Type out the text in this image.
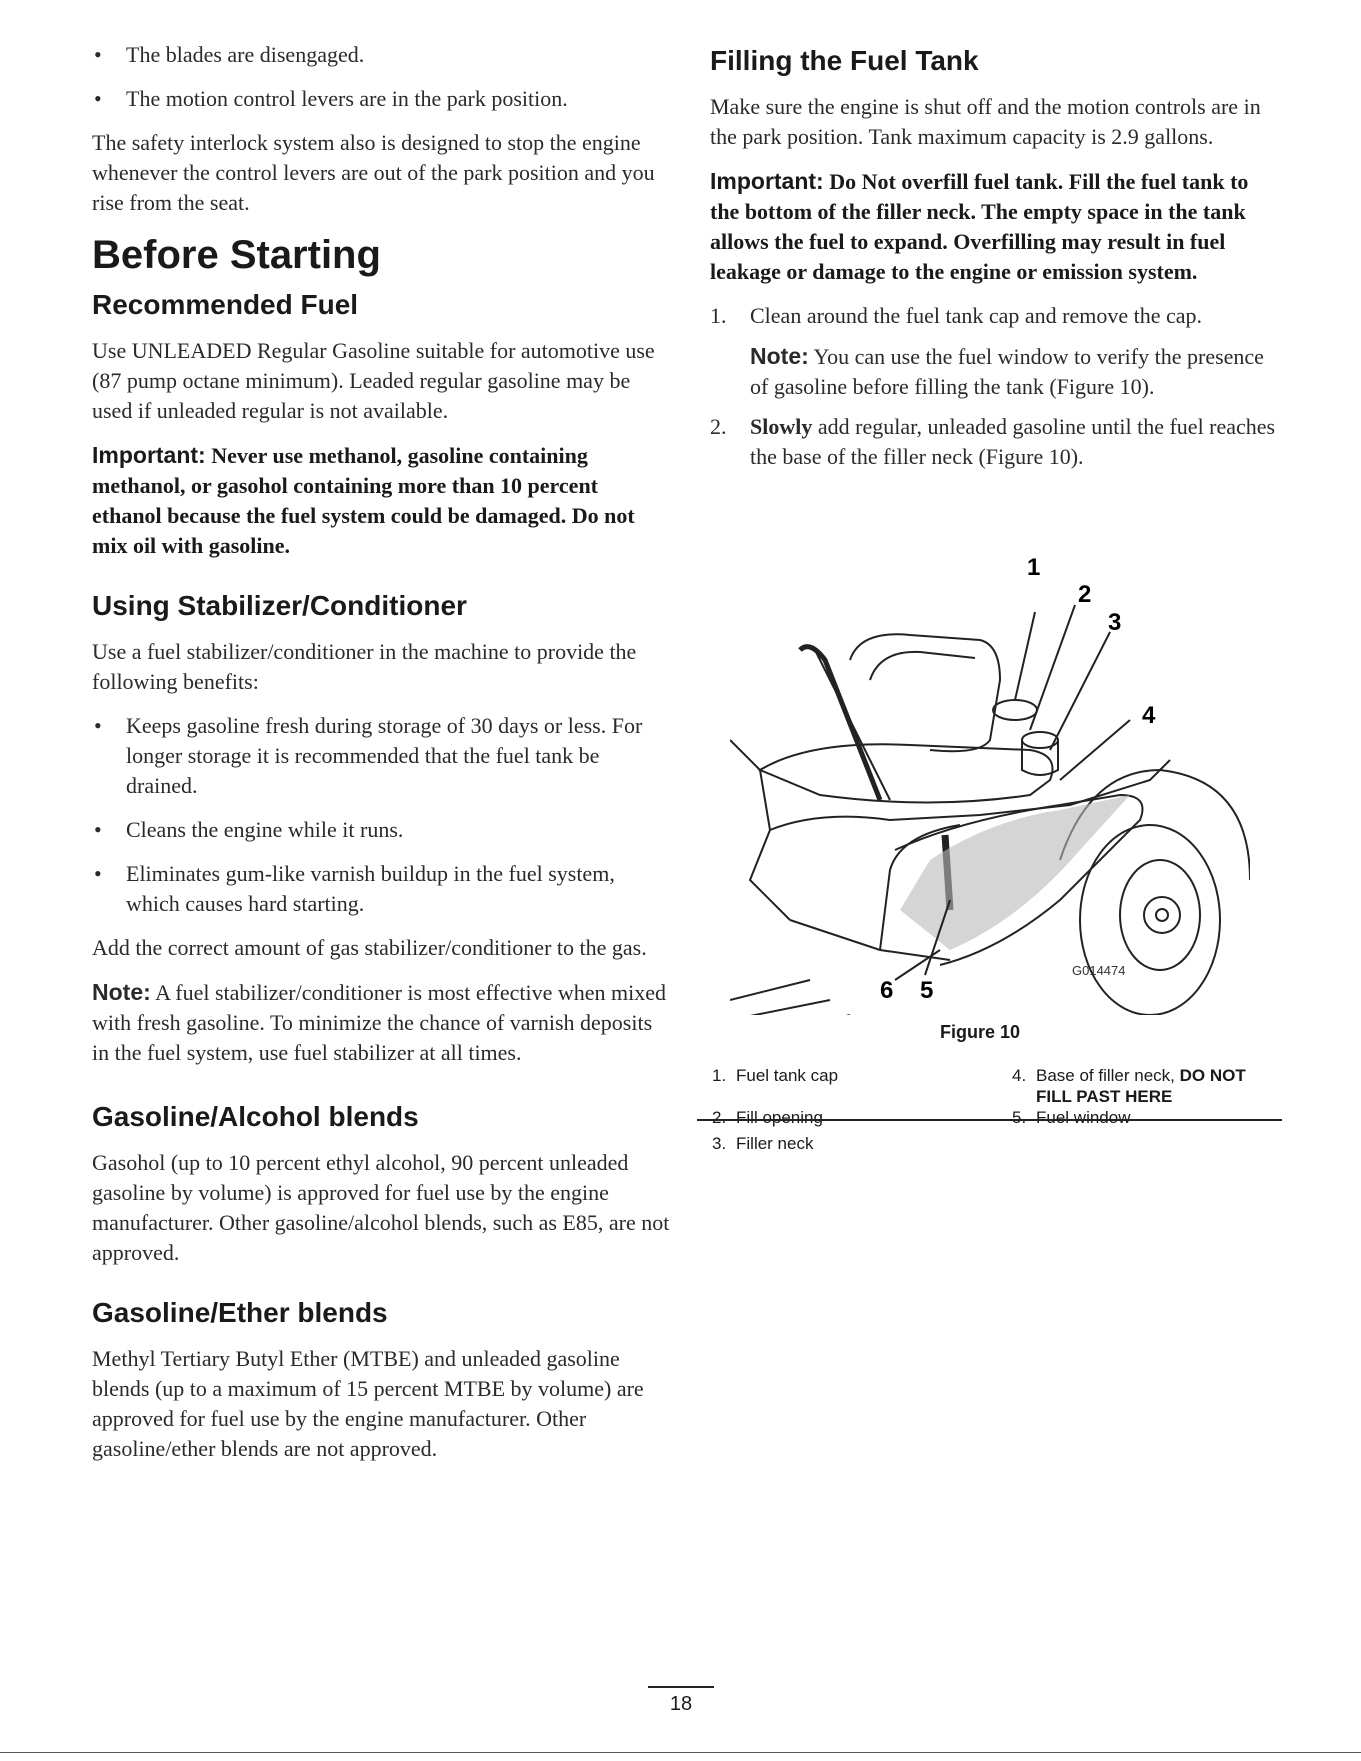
• The blades are disengaged.
• The motion control levers are in the park position.

The safety interlock system also is designed to stop the engine whenever the control levers are out of the park position and you rise from the seat.

Before Starting
Recommended Fuel

Use UNLEADED Regular Gasoline suitable for automotive use (87 pump octane minimum). Leaded regular gasoline may be used if unleaded regular is not available.

Important: Never use methanol, gasoline containing methanol, or gasohol containing more than 10 percent ethanol because the fuel system could be damaged. Do not mix oil with gasoline.

Using Stabilizer/Conditioner

Use a fuel stabilizer/conditioner in the machine to provide the following benefits:

• Keeps gasoline fresh during storage of 30 days or less. For longer storage it is recommended that the fuel tank be drained.
• Cleans the engine while it runs.
• Eliminates gum-like varnish buildup in the fuel system, which causes hard starting.

Add the correct amount of gas stabilizer/conditioner to the gas.

Note: A fuel stabilizer/conditioner is most effective when mixed with fresh gasoline. To minimize the chance of varnish deposits in the fuel system, use fuel stabilizer at all times.

Gasoline/Alcohol blends

Gasohol (up to 10 percent ethyl alcohol, 90 percent unleaded gasoline by volume) is approved for fuel use by the engine manufacturer. Other gasoline/alcohol blends, such as E85, are not approved.

Gasoline/Ether blends

Methyl Tertiary Butyl Ether (MTBE) and unleaded gasoline blends (up to a maximum of 15 percent MTBE by volume) are approved for fuel use by the engine manufacturer. Other gasoline/ether blends are not approved.

Filling the Fuel Tank

Make sure the engine is shut off and the motion controls are in the park position. Tank maximum capacity is 2.9 gallons.

Important: Do Not overfill fuel tank. Fill the fuel tank to the bottom of the filler neck. The empty space in the tank allows the fuel to expand. Overfilling may result in fuel leakage or damage to the engine or emission system.

1. Clean around the fuel tank cap and remove the cap.
Note: You can use the fuel window to verify the presence of gasoline before filling the tank (Figure 10).
2. Slowly add regular, unleaded gasoline until the fuel reaches the base of the filler neck (Figure 10).
1
2
3
4
5
6
G014474
Figure 10
1. Fuel tank cap
2. Fill opening
3. Filler neck
4. Base of filler neck, DO NOT FILL PAST HERE
5. Fuel window
18
